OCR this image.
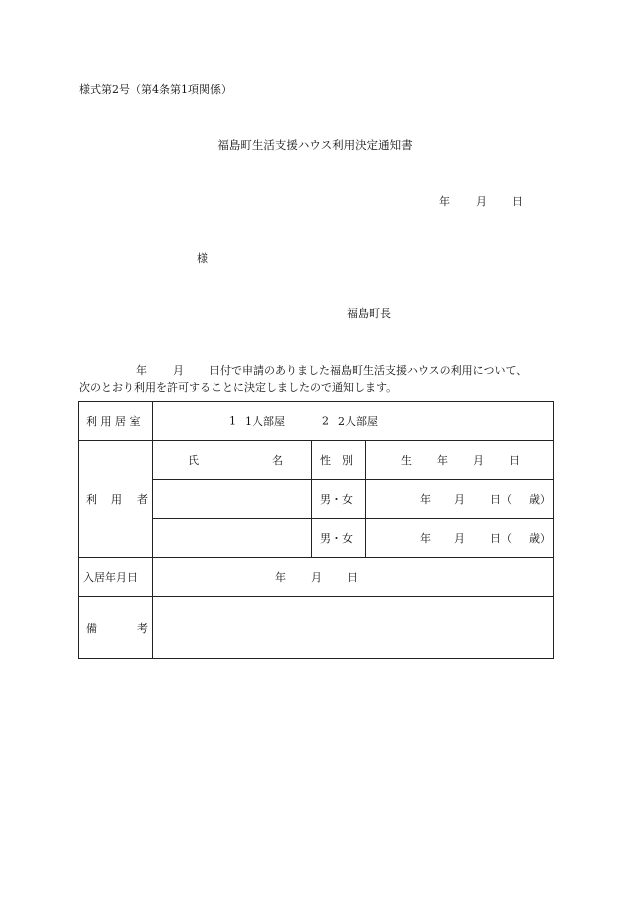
様式第2号（第4条第1項関係）
福島町生活支援ハウス利用決定通知書
年 月 日
様
福島町長
年 月 日付で申請のありました福島町生活支援ハウスの利用について、
次のとおり利用を許可することに決定しましたので通知します。
利 用 居 室	1 1人部屋 2 2人部屋		

利 用 者	氏 名	性　別	生 年 月 日

		男・女	年 月 日（ 歳）

		男・女	年 月 日（ 歳）

入居年月日	年 月 日		

備 考			
